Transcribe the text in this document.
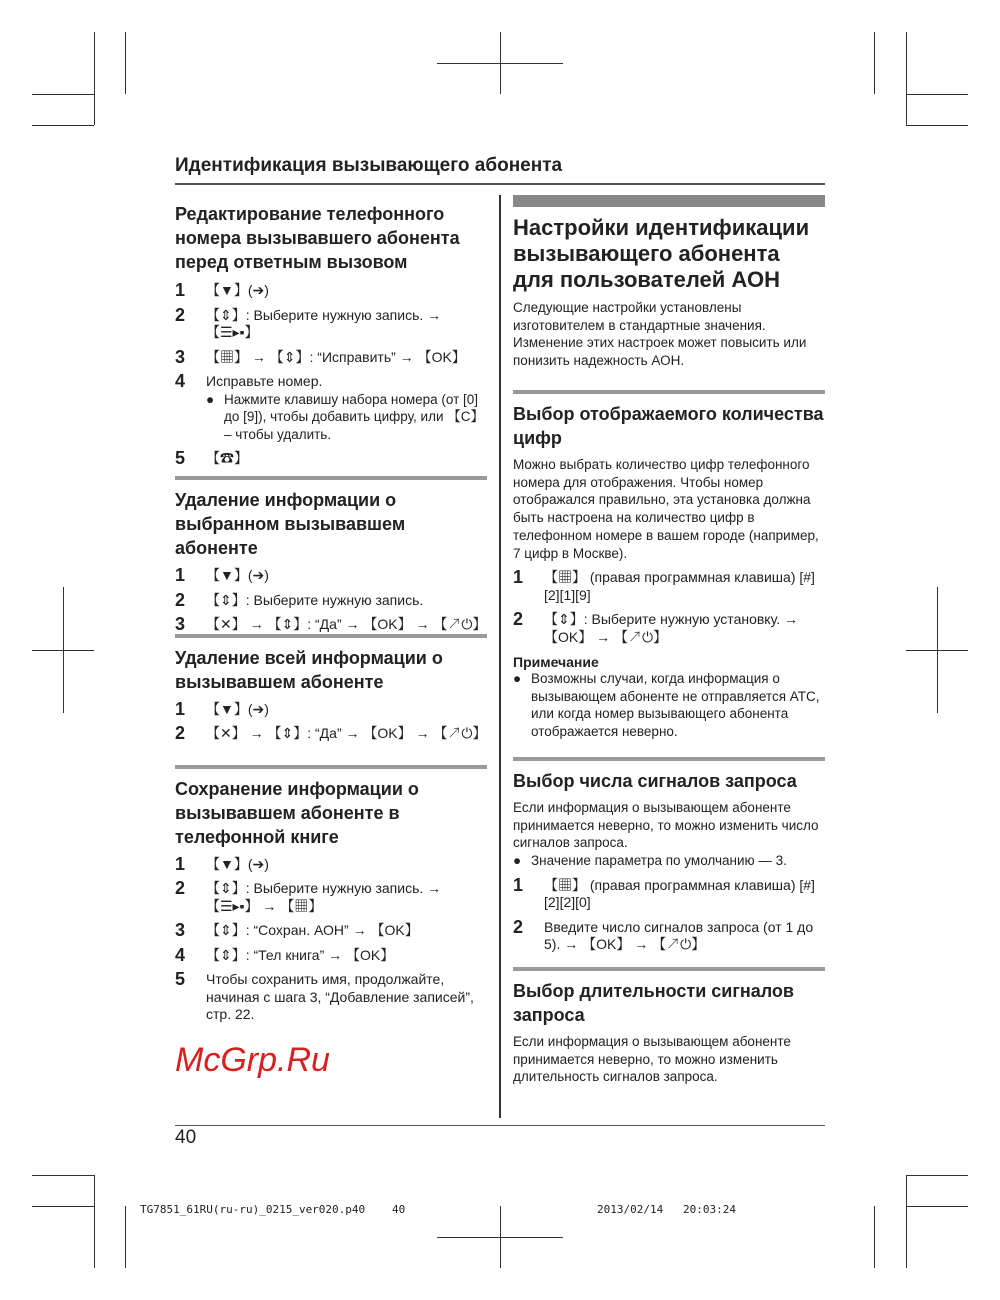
Идентификация вызывающего абонента
Редактирование телефонного номера вызывавшего абонента перед ответным вызовом
1	【▼】(➔)
2	【⇕】: Выберите нужную запись. → 【☰▸▪】
3	【▦】 → 【⇕】: “Исправить” → 【OK】
4	Исправьте номер.
● Нажмите клавишу набора номера (от [0] до [9]), чтобы добавить цифру, или 【C】 – чтобы удалить.
5	【☎】
Удаление информации о выбранном вызывавшем абоненте
1	【▼】(➔)
2	【⇕】: Выберите нужную запись.
3	【✕】 → 【⇕】: “Да” → 【OK】 → 【↗⏻】
Удаление всей информации о вызывавшем абоненте
1	【▼】(➔)
2	【✕】 → 【⇕】: “Да” → 【OK】 → 【↗⏻】
Сохранение информации о вызывавшем абоненте в телефонной книге
1	【▼】(➔)
2	【⇕】: Выберите нужную запись. → 【☰▸▪】 → 【▦】
3	【⇕】: “Сохран. АОН” → 【OK】
4	【⇕】: “Тел книга” → 【OK】
5	Чтобы сохранить имя, продолжайте, начиная с шага 3, “Добавление записей”, стр. 22.
McGrp.Ru
Настройки идентификации вызывающего абонента для пользователей АОН
Следующие настройки установлены изготовителем в стандартные значения. Изменение этих настроек может повысить или понизить надежность АОН.
Выбор отображаемого количества цифр
Можно выбрать количество цифр телефонного номера для отображения. Чтобы номер отображался правильно, эта установка должна быть настроена на количество цифр в телефонном номере в вашем городе (например, 7 цифр в Москве).
1	【▦】 (правая программная клавиша) [#][2][1][9]
2	【⇕】: Выберите нужную установку. → 【OK】 → 【↗⏻】
Примечание
● Возможны случаи, когда информация о вызывающем абоненте не отправляется АТС, или когда номер вызывающего абонента отображается неверно.
Выбор числа сигналов запроса
Если информация о вызывающем абоненте принимается неверно, то можно изменить число сигналов запроса.
● Значение параметра по умолчанию — 3.
1	【▦】 (правая программная клавиша) [#][2][2][0]
2	Введите число сигналов запроса (от 1 до 5). → 【OK】 → 【↗⏻】
Выбор длительности сигналов запроса
Если информация о вызывающем абоненте принимается неверно, то можно изменить длительность сигналов запроса.
40
TG7851_61RU(ru-ru)_0215_ver020.p40 40	2013/02/14 20:03:24
